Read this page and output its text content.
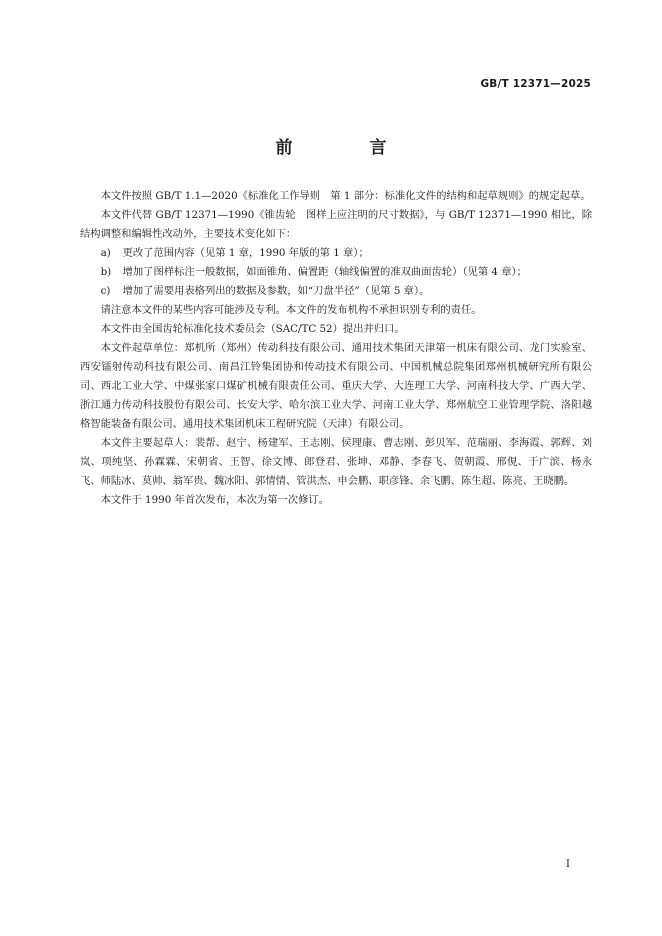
GB/T 12371—2025
前　言

本文件按照 GB/T 1.1—2020《标准化工作导则　第 1 部分：标准化文件的结构和起草规则》的规定起草。

本文件代替 GB/T 12371—1990《锥齿轮　图样上应注明的尺寸数据》，与 GB/T 12371—1990 相比，除结构调整和编辑性改动外，主要技术变化如下：

a)	更改了范围内容（见第 1 章，1990 年版的第 1 章）；

b)	增加了图样标注一般数据，如面锥角、偏置距（轴线偏置的准双曲面齿轮）（见第 4 章）；

c)	增加了需要用表格列出的数据及参数，如“刀盘半径”（见第 5 章）。

请注意本文件的某些内容可能涉及专利。本文件的发布机构不承担识别专利的责任。

本文件由全国齿轮标准化技术委员会（SAC/TC 52）提出并归口。

本文件起草单位：郑机所（郑州）传动科技有限公司、通用技术集团天津第一机床有限公司、龙门实验室、西安镭射传动科技有限公司、南昌江铃集团协和传动技术有限公司、中国机械总院集团郑州机械研究所有限公司、西北工业大学、中煤张家口煤矿机械有限责任公司、重庆大学、大连理工大学、河南科技大学、广西大学、浙江通力传动科技股份有限公司、长安大学、哈尔滨工业大学、河南工业大学、郑州航空工业管理学院、洛阳越格智能装备有限公司、通用技术集团机床工程研究院（天津）有限公司。

本文件主要起草人：裴帮、赵宁、杨建军、王志刚、侯理康、曹志刚、彭贝军、范瑞丽、李海霞、郭辉、刘岚、项纯坚、孙霖霖、宋朝省、王智、徐文博、郎登君、张坤、邓静、李春飞、贺朝霞、邢俔、于广滨、杨永飞、师陆冰、莫帅、翁军贵、魏冰阳、郭情情、管洪杰、申会鹏、职彦锋、余飞鹏、陈生超、陈亮、王晓鹏。

本文件于 1990 年首次发布，本次为第一次修订。

I
